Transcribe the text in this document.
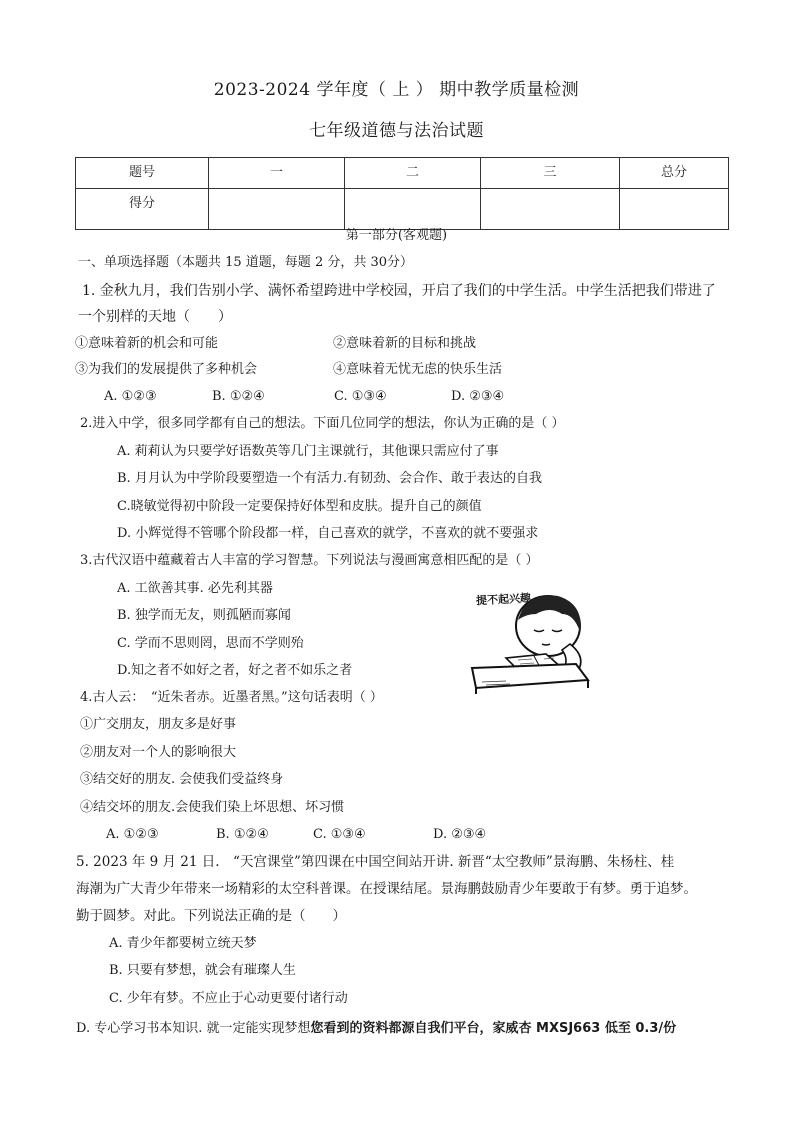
2023-2024 学年度（ 上 ） 期中教学质量检测
七年级道德与法治试题
题号	一	二	三	总分
得分				
第一部分(客观题)
一、单项选择题（本题共 15 道题，每题 2 分，共 30分）
1. 金秋九月，我们告别小学、满怀希望跨进中学校园，开启了我们的中学生活。中学生活把我们带进了
一个别样的天地（　　）
①意味着新的机会和可能	②意味着新的目标和挑战
③为我们的发展提供了多种机会	④意味着无忧无虑的快乐生活
A. ①②③	B. ①②④	C. ①③④	D. ②③④
2.进入中学，很多同学都有自己的想法。下面几位同学的想法，你认为正确的是（ ）
A. 莉莉认为只要学好语数英等几门主课就行，其他课只需应付了事
B. 月月认为中学阶段要塑造一个有活力.有韧劲、会合作、敢于表达的自我
C.晓敏觉得初中阶段一定要保持好体型和皮肤。提升自己的颜值
D. 小辉觉得不管哪个阶段都一样，自己喜欢的就学，不喜欢的就不要强求
3.古代汉语中蕴藏着古人丰富的学习智慧。下列说法与漫画寓意相匹配的是（ ）
A. 工欲善其事. 必先利其器
B. 独学而无友，则孤陋而寡闻
C. 学而不思则罔，思而不学则殆
D.知之者不如好之者，好之者不如乐之者
提不起兴趣
4.古人云：　“近朱者赤。近墨者黑。”这句话表明（ ）
①广交朋友，朋友多是好事
②朋友对一个人的影响很大
③结交好的朋友. 会使我们受益终身
④结交坏的朋友.会使我们染上坏思想、坏习惯
A. ①②③	B. ①②④	C. ①③④	D. ②③④
5. 2023 年 9 月 21 日.　“天宫课堂”第四课在中国空间站开讲. 新晋“太空教师”景海鹏、朱杨柱、桂
海潮为广大青少年带来一场精彩的太空科普课。在授课结尾。景海鹏鼓励青少年要敢于有梦。勇于追梦。
勤于圆梦。对此。下列说法正确的是（　　）
A. 青少年都要树立统天梦
B. 只要有梦想，就会有璀璨人生
C. 少年有梦。不应止于心动更要付诸行动
D. 专心学习书本知识. 就一定能实现梦想您看到的资料都源自我们平台，家威杏 MXSJ663 低至 0.3/份
